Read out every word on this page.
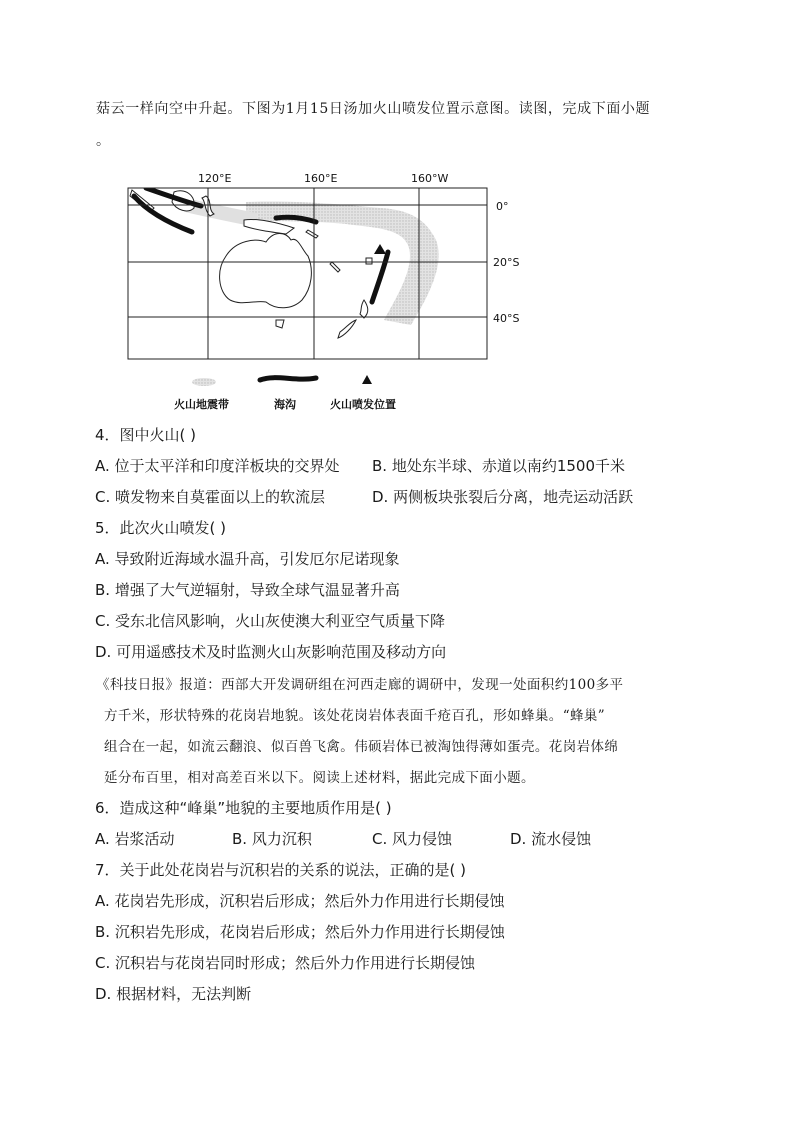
菇云一样向空中升起。下图为1月15日汤加火山喷发位置示意图。读图，完成下面小题
。
120°E	160°E	160°W
0°
20°S
40°S
火山地震带	海沟	火山喷发位置
4．图中火山( )
A. 位于太平洋和印度洋板块的交界处 B. 地处东半球、赤道以南约1500千米
C. 喷发物来自莫霍面以上的软流层	D. 两侧板块张裂后分离，地壳运动活跃
5．此次火山喷发( )
A. 导致附近海域水温升高，引发厄尔尼诺现象
B. 增强了大气逆辐射，导致全球气温显著升高
C. 受东北信风影响，火山灰使澳大利亚空气质量下降
D. 可用遥感技术及时监测火山灰影响范围及移动方向
《科技日报》报道：西部大开发调研组在河西走廊的调研中，发现一处面积约100多平
方千米，形状特殊的花岗岩地貌。该处花岗岩体表面千疮百孔，形如蜂巢。“蜂巢”
组合在一起，如流云翻浪、似百兽飞禽。伟硕岩体已被淘蚀得薄如蛋壳。花岗岩体绵
延分布百里，相对高差百米以下。阅读上述材料，据此完成下面小题。
6．造成这种“峰巢”地貌的主要地质作用是( )
A. 岩浆活动	B. 风力沉积	C. 风力侵蚀	D. 流水侵蚀
7．关于此处花岗岩与沉积岩的关系的说法，正确的是( )
A. 花岗岩先形成，沉积岩后形成；然后外力作用进行长期侵蚀
B. 沉积岩先形成，花岗岩后形成；然后外力作用进行长期侵蚀
C. 沉积岩与花岗岩同时形成；然后外力作用进行长期侵蚀
D. 根据材料，无法判断
